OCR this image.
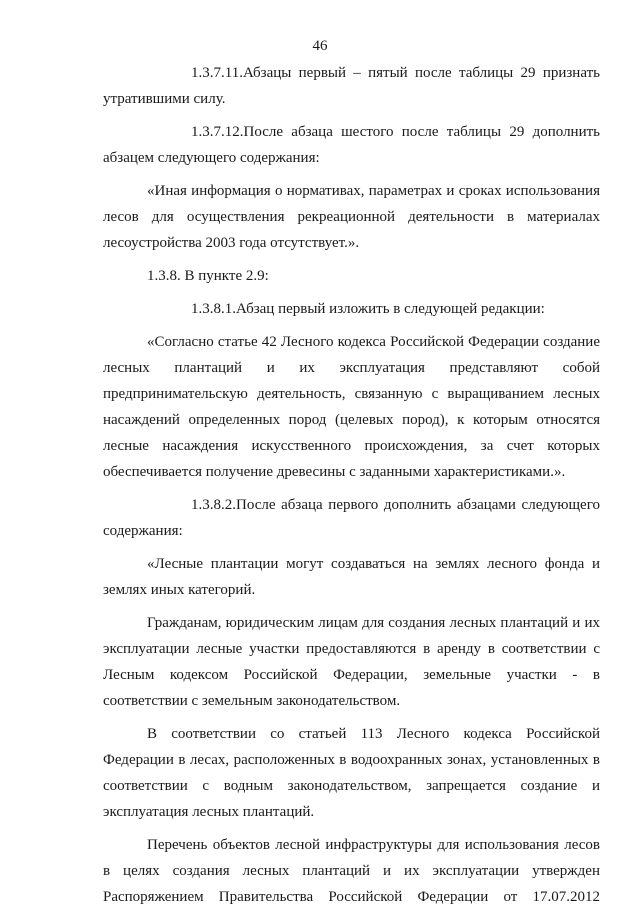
46

1.3.7.11.Абзацы первый – пятый после таблицы 29 признать утратившими силу.

1.3.7.12.После абзаца шестого после таблицы 29 дополнить абзацем следующего содержания:

«Иная информация о нормативах, параметрах и сроках использования лесов для осуществления рекреационной деятельности в материалах лесоустройства 2003 года отсутствует.».

1.3.8. В пункте 2.9:

1.3.8.1.Абзац первый изложить в следующей редакции:

«Согласно статье 42 Лесного кодекса Российской Федерации создание лесных плантаций и их эксплуатация представляют собой предпринимательскую деятельность, связанную с выращиванием лесных насаждений определенных пород (целевых пород), к которым относятся лесные насаждения искусственного происхождения, за счет которых обеспечивается получение древесины с заданными характеристиками.».

1.3.8.2.После абзаца первого дополнить абзацами следующего содержания:

«Лесные плантации могут создаваться на землях лесного фонда и землях иных категорий.

Гражданам, юридическим лицам для создания лесных плантаций и их эксплуатации лесные участки предоставляются в аренду в соответствии с Лесным кодексом Российской Федерации, земельные участки - в соответствии с земельным законодательством.

В соответствии со статьей 113 Лесного кодекса Российской Федерации в лесах, расположенных в водоохранных зонах, установленных в соответствии с водным законодательством, запрещается создание и эксплуатация лесных плантаций.

Перечень объектов лесной инфраструктуры для использования лесов в целях создания лесных плантаций и их эксплуатации утвержден Распоряжением Правительства Российской Федерации от 17.07.2012
